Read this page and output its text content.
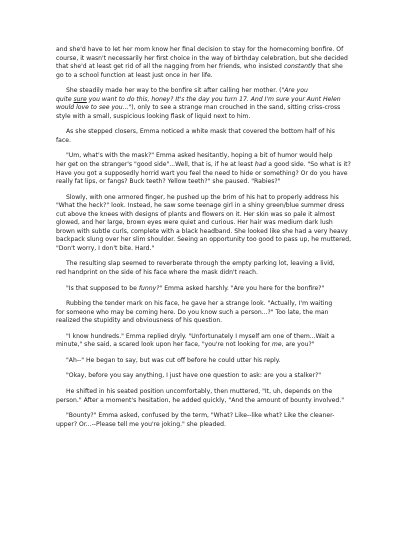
and she'd have to let her mom know her final decision to stay for the homecoming bonfire. Of
course, it wasn't necessarily her first choice in the way of birthday celebration, but she decided
that she'd at least get rid of all the nagging from her friends, who insisted constantly that she
go to a school function at least just once in her life.

She steadily made her way to the bonfire sit after calling her mother. ("Are you
quite sure you want to do this, honey? It's the day you turn 17. And I'm sure your Aunt Helen
would love to see you..."), only to see a strange man crouched in the sand, sitting criss-cross
style with a small, suspicious looking flask of liquid next to him.

As she stepped closers, Emma noticed a white mask that covered the bottom half of his
face.

"Um, what's with the mask?" Emma asked hesitantly, hoping a bit of humor would help
her get on the stranger's "good side"...Well, that is, if he at least had a good side. "So what is it?
Have you got a supposedly horrid wart you feel the need to hide or something? Or do you have
really fat lips, or fangs? Buck teeth? Yellow teeth?" she paused. "Rabies?"

Slowly, with one armored finger, he pushed up the brim of his hat to properly address his
"What the heck?" look. Instead, he saw some teenage girl in a shiny green/blue summer dress
cut above the knees with designs of plants and flowers on it. Her skin was so pale it almost
glowed, and her large, brown eyes were quiet and curious. Her hair was medium dark lush
brown with subtle curls, complete with a black headband. She looked like she had a very heavy
backpack slung over her slim shoulder. Seeing an opportunity too good to pass up, he muttered,
"Don't worry, I don't bite. Hard."

The resulting slap seemed to reverberate through the empty parking lot, leaving a livid,
red handprint on the side of his face where the mask didn't reach.

"Is that supposed to be funny?" Emma asked harshly. "Are you here for the bonfire?"

Rubbing the tender mark on his face, he gave her a strange look. "Actually, I'm waiting
for someone who may be coming here. Do you know such a person...?" Too late, the man
realized the stupidity and obviousness of his question.

"I know hundreds." Emma replied dryly. "Unfortunately I myself am one of them...Wait a
minute," she said, a scared look upon her face, "you're not looking for me, are you?"

"Ah--" He began to say, but was cut off before he could utter his reply.

"Okay, before you say anything, I just have one question to ask: are you a stalker?"

He shifted in his seated position uncomfortably, then muttered, "It, uh, depends on the
person." After a moment's hesitation, he added quickly, "And the amount of bounty involved."

"Bounty?" Emma asked, confused by the term, "What? Like--like what? Like the cleaner-
upper? Or...--Please tell me you're joking." she pleaded.
